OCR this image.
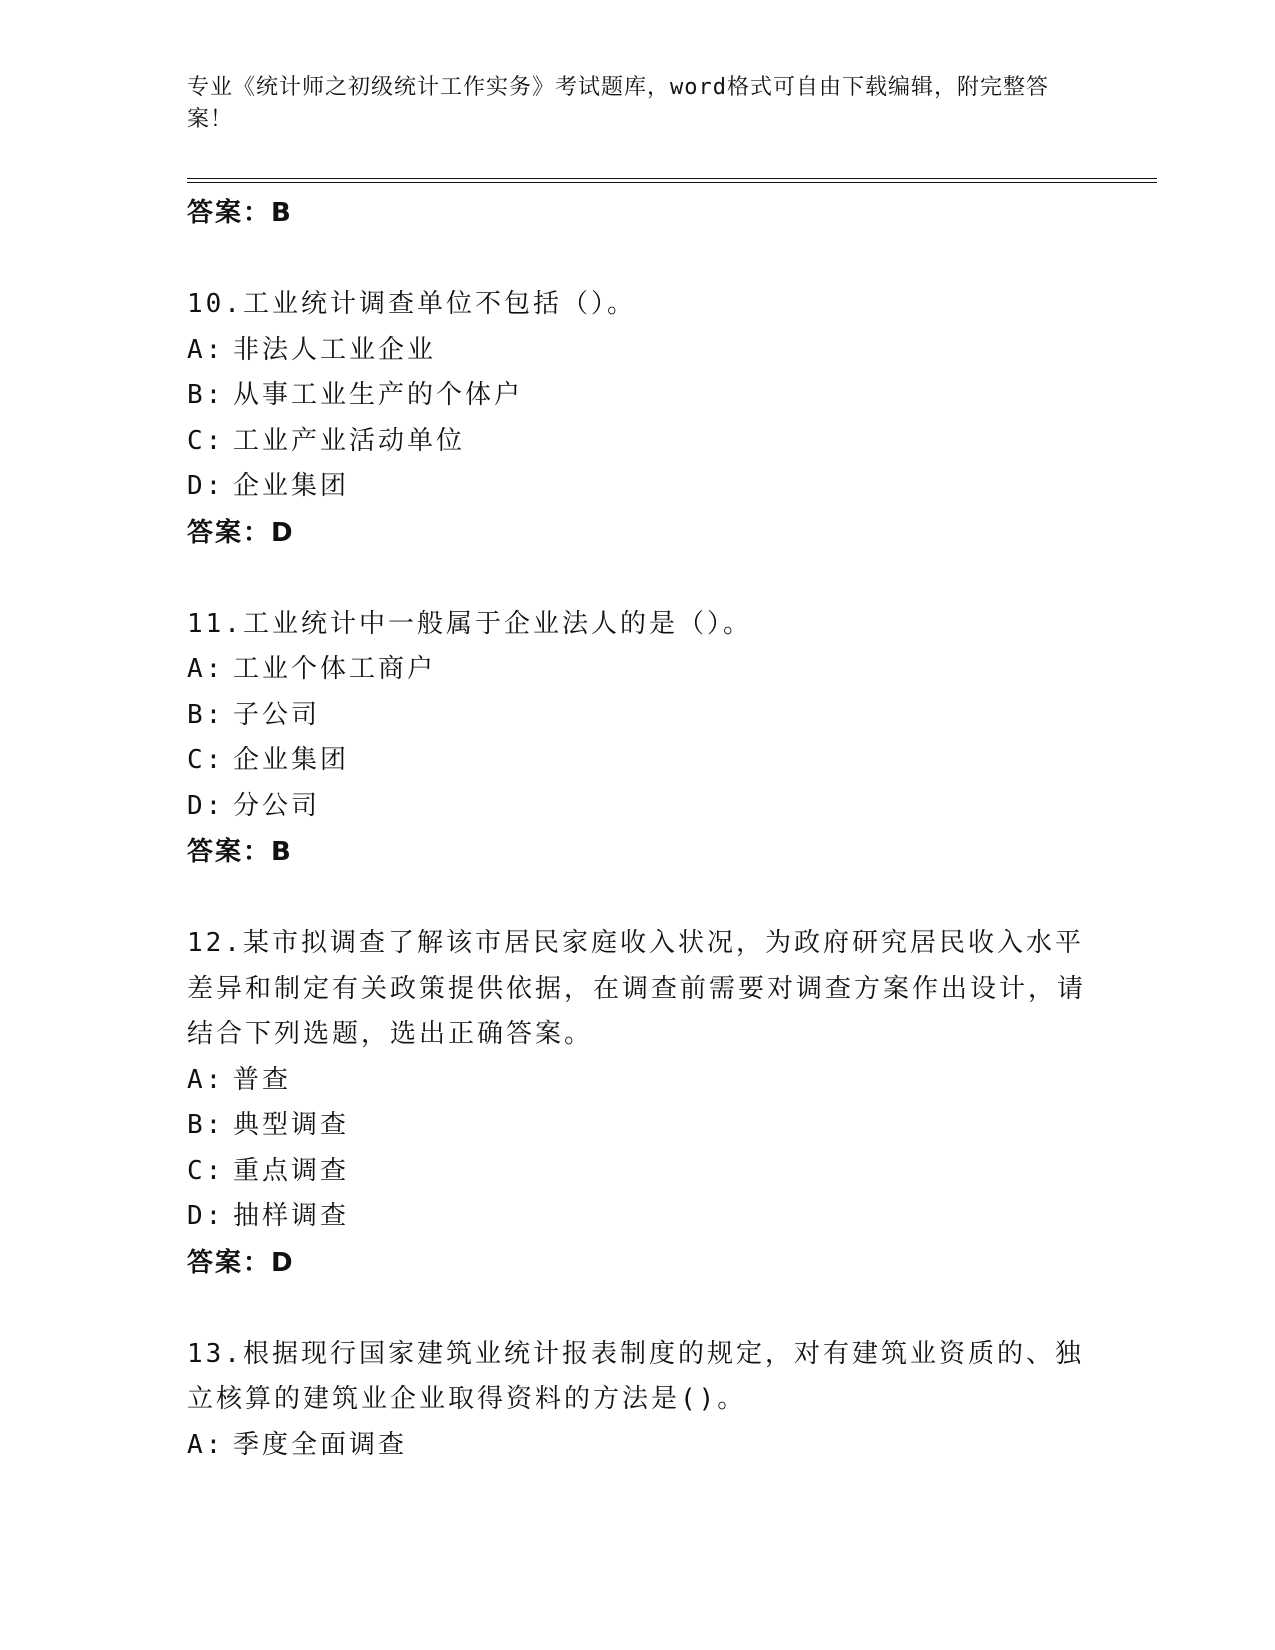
专业《统计师之初级统计工作实务》考试题库，word格式可自由下载编辑，附完整答案！
答案：B
10.工业统计调查单位不包括（）。
A: 非法人工业企业
B: 从事工业生产的个体户
C: 工业产业活动单位
D: 企业集团
答案：D
11.工业统计中一般属于企业法人的是（）。
A: 工业个体工商户
B: 子公司
C: 企业集团
D: 分公司
答案：B
12.某市拟调查了解该市居民家庭收入状况，为政府研究居民收入水平差异和制定有关政策提供依据，在调查前需要对调查方案作出设计，请结合下列选题，选出正确答案。
A: 普查
B: 典型调查
C: 重点调查
D: 抽样调查
答案：D
13.根据现行国家建筑业统计报表制度的规定，对有建筑业资质的、独立核算的建筑业企业取得资料的方法是()。
A: 季度全面调查
